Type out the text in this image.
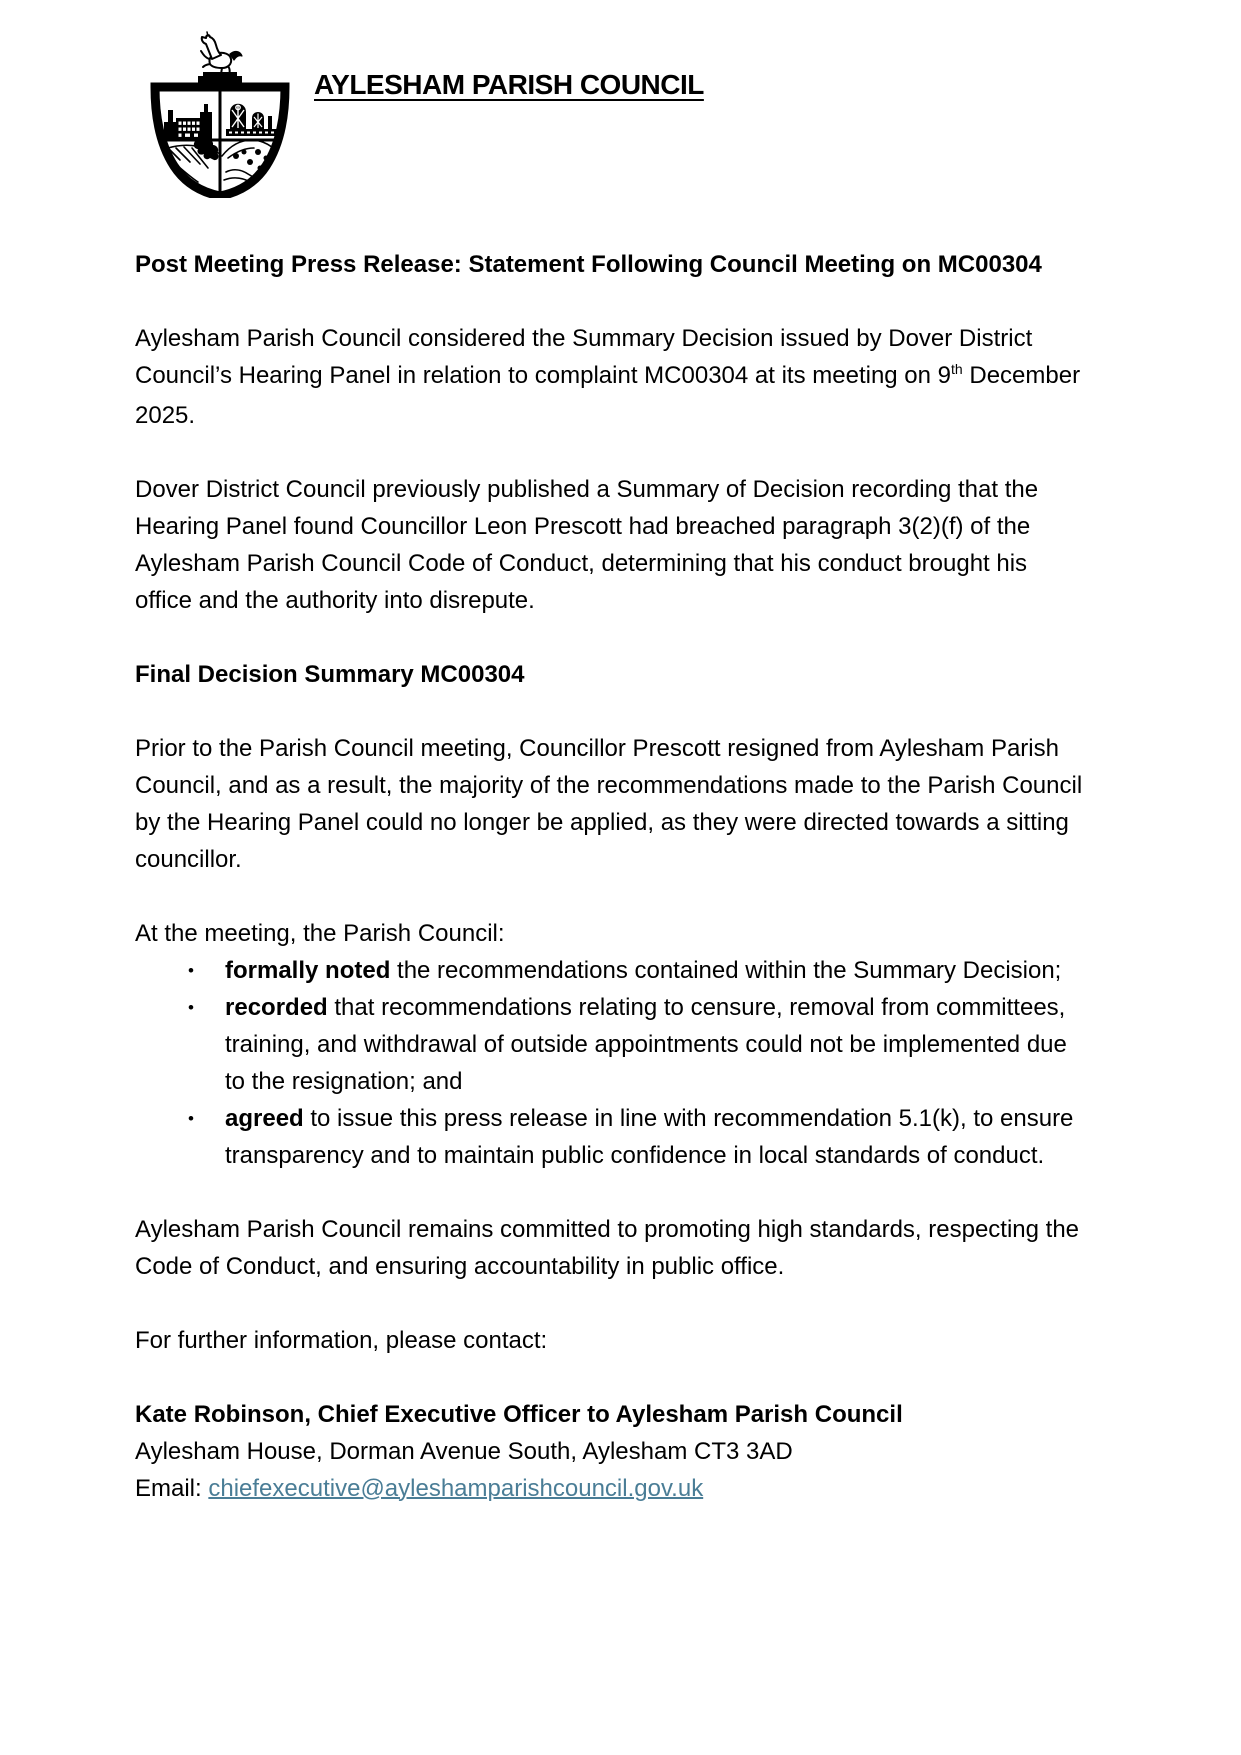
AYLESHAM PARISH COUNCIL
Post Meeting Press Release: Statement Following Council Meeting on MC00304

Aylesham Parish Council considered the Summary Decision issued by Dover District Council’s Hearing Panel in relation to complaint MC00304 at its meeting on 9th December 2025.

Dover District Council previously published a Summary of Decision recording that the Hearing Panel found Councillor Leon Prescott had breached paragraph 3(2)(f) of the Aylesham Parish Council Code of Conduct, determining that his conduct brought his office and the authority into disrepute.

Final Decision Summary MC00304

Prior to the Parish Council meeting, Councillor Prescott resigned from Aylesham Parish Council, and as a result, the majority of the recommendations made to the Parish Council by the Hearing Panel could no longer be applied, as they were directed towards a sitting councillor.

At the meeting, the Parish Council:

•	formally noted the recommendations contained within the Summary Decision;
•	recorded that recommendations relating to censure, removal from committees, training, and withdrawal of outside appointments could not be implemented due to the resignation; and
•	agreed to issue this press release in line with recommendation 5.1(k), to ensure transparency and to maintain public confidence in local standards of conduct.

Aylesham Parish Council remains committed to promoting high standards, respecting the Code of Conduct, and ensuring accountability in public office.

For further information, please contact:

Kate Robinson, Chief Executive Officer to Aylesham Parish Council
Aylesham House, Dorman Avenue South, Aylesham CT3 3AD
Email: chiefexecutive@ayleshamparishcouncil.gov.uk
